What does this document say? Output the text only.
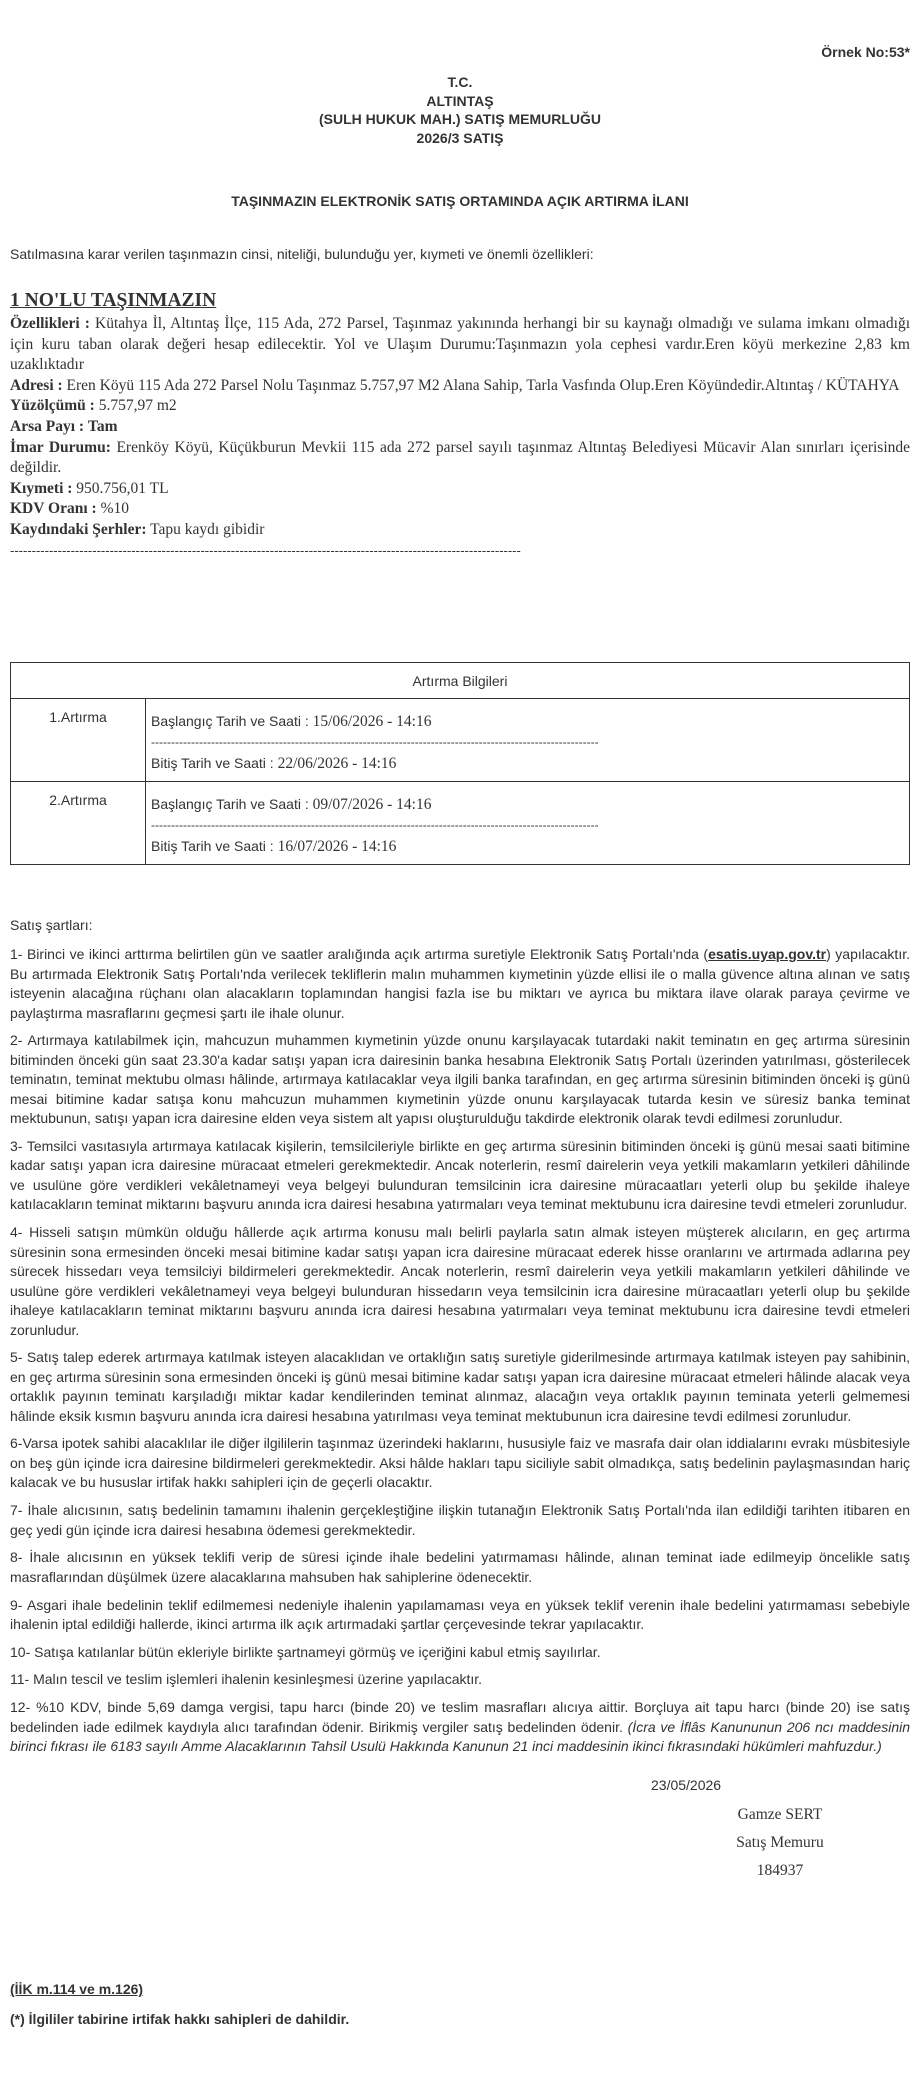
Örnek No:53*
T.C.
ALTINTAŞ
(SULH HUKUK MAH.) SATIŞ MEMURLUĞU
2026/3 SATIŞ
TAŞINMAZIN ELEKTRONİK SATIŞ ORTAMINDA AÇIK ARTIRMA İLANI
Satılmasına karar verilen taşınmazın cinsi, niteliği, bulunduğu yer, kıymeti ve önemli özellikleri:
1 NO'LU TAŞINMAZIN
Özellikleri : Kütahya İl, Altıntaş İlçe, 115 Ada, 272 Parsel, Taşınmaz yakınında herhangi bir su kaynağı olmadığı ve sulama imkanı olmadığı için kuru taban olarak değeri hesap edilecektir. Yol ve Ulaşım Durumu:Taşınmazın yola cephesi vardır.Eren köyü merkezine 2,83 km uzaklıktadır
Adresi : Eren Köyü 115 Ada 272 Parsel Nolu Taşınmaz 5.757,97 M2 Alana Sahip, Tarla Vasfında Olup.Eren Köyündedir.Altıntaş / KÜTAHYA
Yüzölçümü : 5.757,97 m2
Arsa Payı : Tam
İmar Durumu: Erenköy Köyü, Küçükburun Mevkii 115 ada 272 parsel sayılı taşınmaz Altıntaş Belediyesi Mücavir Alan sınırları içerisinde değildir.
Kıymeti : 950.756,01 TL
KDV Oranı : %10
Kaydındaki Şerhler: Tapu kaydı gibidir
----------------------------------------------------------------------------------------------------------------------
Artırma Bilgileri	
1.Artırma	Başlangıç Tarih ve Saati : 15/06/2026 - 14:16
----------------------------------------------------------------------------------------------------------------
Bitiş Tarih ve Saati : 22/06/2026 - 14:16

2.Artırma	Başlangıç Tarih ve Saati : 09/07/2026 - 14:16
----------------------------------------------------------------------------------------------------------------
Bitiş Tarih ve Saati : 16/07/2026 - 14:16
Satış şartları:

1- Birinci ve ikinci arttırma belirtilen gün ve saatler aralığında açık artırma suretiyle Elektronik Satış Portalı'nda (esatis.uyap.gov.tr) yapılacaktır. Bu artırmada Elektronik Satış Portalı'nda verilecek tekliflerin malın muhammen kıymetinin yüzde ellisi ile o malla güvence altına alınan ve satış isteyenin alacağına rüçhanı olan alacakların toplamından hangisi fazla ise bu miktarı ve ayrıca bu miktara ilave olarak paraya çevirme ve paylaştırma masraflarını geçmesi şartı ile ihale olunur.

2- Artırmaya katılabilmek için, mahcuzun muhammen kıymetinin yüzde onunu karşılayacak tutardaki nakit teminatın en geç artırma süresinin bitiminden önceki gün saat 23.30'a kadar satışı yapan icra dairesinin banka hesabına Elektronik Satış Portalı üzerinden yatırılması, gösterilecek teminatın, teminat mektubu olması hâlinde, artırmaya katılacaklar veya ilgili banka tarafından, en geç artırma süresinin bitiminden önceki iş günü mesai bitimine kadar satışa konu mahcuzun muhammen kıymetinin yüzde onunu karşılayacak tutarda kesin ve süresiz banka teminat mektubunun, satışı yapan icra dairesine elden veya sistem alt yapısı oluşturulduğu takdirde elektronik olarak tevdi edilmesi zorunludur.

3- Temsilci vasıtasıyla artırmaya katılacak kişilerin, temsilcileriyle birlikte en geç artırma süresinin bitiminden önceki iş günü mesai saati bitimine kadar satışı yapan icra dairesine müracaat etmeleri gerekmektedir. Ancak noterlerin, resmî dairelerin veya yetkili makamların yetkileri dâhilinde ve usulüne göre verdikleri vekâletnameyi veya belgeyi bulunduran temsilcinin icra dairesine müracaatları yeterli olup bu şekilde ihaleye katılacakların teminat miktarını başvuru anında icra dairesi hesabına yatırmaları veya teminat mektubunu icra dairesine tevdi etmeleri zorunludur.

4- Hisseli satışın mümkün olduğu hâllerde açık artırma konusu malı belirli paylarla satın almak isteyen müşterek alıcıların, en geç artırma süresinin sona ermesinden önceki mesai bitimine kadar satışı yapan icra dairesine müracaat ederek hisse oranlarını ve artırmada adlarına pey sürecek hissedarı veya temsilciyi bildirmeleri gerekmektedir. Ancak noterlerin, resmî dairelerin veya yetkili makamların yetkileri dâhilinde ve usulüne göre verdikleri vekâletnameyi veya belgeyi bulunduran hissedarın veya temsilcinin icra dairesine müracaatları yeterli olup bu şekilde ihaleye katılacakların teminat miktarını başvuru anında icra dairesi hesabına yatırmaları veya teminat mektubunu icra dairesine tevdi etmeleri zorunludur.

5- Satış talep ederek artırmaya katılmak isteyen alacaklıdan ve ortaklığın satış suretiyle giderilmesinde artırmaya katılmak isteyen pay sahibinin, en geç artırma süresinin sona ermesinden önceki iş günü mesai bitimine kadar satışı yapan icra dairesine müracaat etmeleri hâlinde alacak veya ortaklık payının teminatı karşıladığı miktar kadar kendilerinden teminat alınmaz, alacağın veya ortaklık payının teminata yeterli gelmemesi hâlinde eksik kısmın başvuru anında icra dairesi hesabına yatırılması veya teminat mektubunun icra dairesine tevdi edilmesi zorunludur.

6-Varsa ipotek sahibi alacaklılar ile diğer ilgililerin taşınmaz üzerindeki haklarını, hususiyle faiz ve masrafa dair olan iddialarını evrakı müsbitesiyle on beş gün içinde icra dairesine bildirmeleri gerekmektedir. Aksi hâlde hakları tapu siciliyle sabit olmadıkça, satış bedelinin paylaşmasından hariç kalacak ve bu hususlar irtifak hakkı sahipleri için de geçerli olacaktır.

7- İhale alıcısının, satış bedelinin tamamını ihalenin gerçekleştiğine ilişkin tutanağın Elektronik Satış Portalı'nda ilan edildiği tarihten itibaren en geç yedi gün içinde icra dairesi hesabına ödemesi gerekmektedir.

8- İhale alıcısının en yüksek teklifi verip de süresi içinde ihale bedelini yatırmaması hâlinde, alınan teminat iade edilmeyip öncelikle satış masraflarından düşülmek üzere alacaklarına mahsuben hak sahiplerine ödenecektir.

9- Asgari ihale bedelinin teklif edilmemesi nedeniyle ihalenin yapılamaması veya en yüksek teklif verenin ihale bedelini yatırmaması sebebiyle ihalenin iptal edildiği hallerde, ikinci artırma ilk açık artırmadaki şartlar çerçevesinde tekrar yapılacaktır.

10- Satışa katılanlar bütün ekleriyle birlikte şartnameyi görmüş ve içeriğini kabul etmiş sayılırlar.

11- Malın tescil ve teslim işlemleri ihalenin kesinleşmesi üzerine yapılacaktır.

12- %10 KDV, binde 5,69 damga vergisi, tapu harcı (binde 20) ve teslim masrafları alıcıya aittir. Borçluya ait tapu harcı (binde 20) ise satış bedelinden iade edilmek kaydıyla alıcı tarafından ödenir. Birikmiş vergiler satış bedelinden ödenir. (İcra ve İflâs Kanununun 206 ncı maddesinin birinci fıkrası ile 6183 sayılı Amme Alacaklarının Tahsil Usulü Hakkında Kanunun 21 inci maddesinin ikinci fıkrasındaki hükümleri mahfuzdur.)

23/05/2026
Gamze SERT
Satış Memuru
184937
(İİK m.114 ve m.126)
(*) İlgililer tabirine irtifak hakkı sahipleri de dahildir.
